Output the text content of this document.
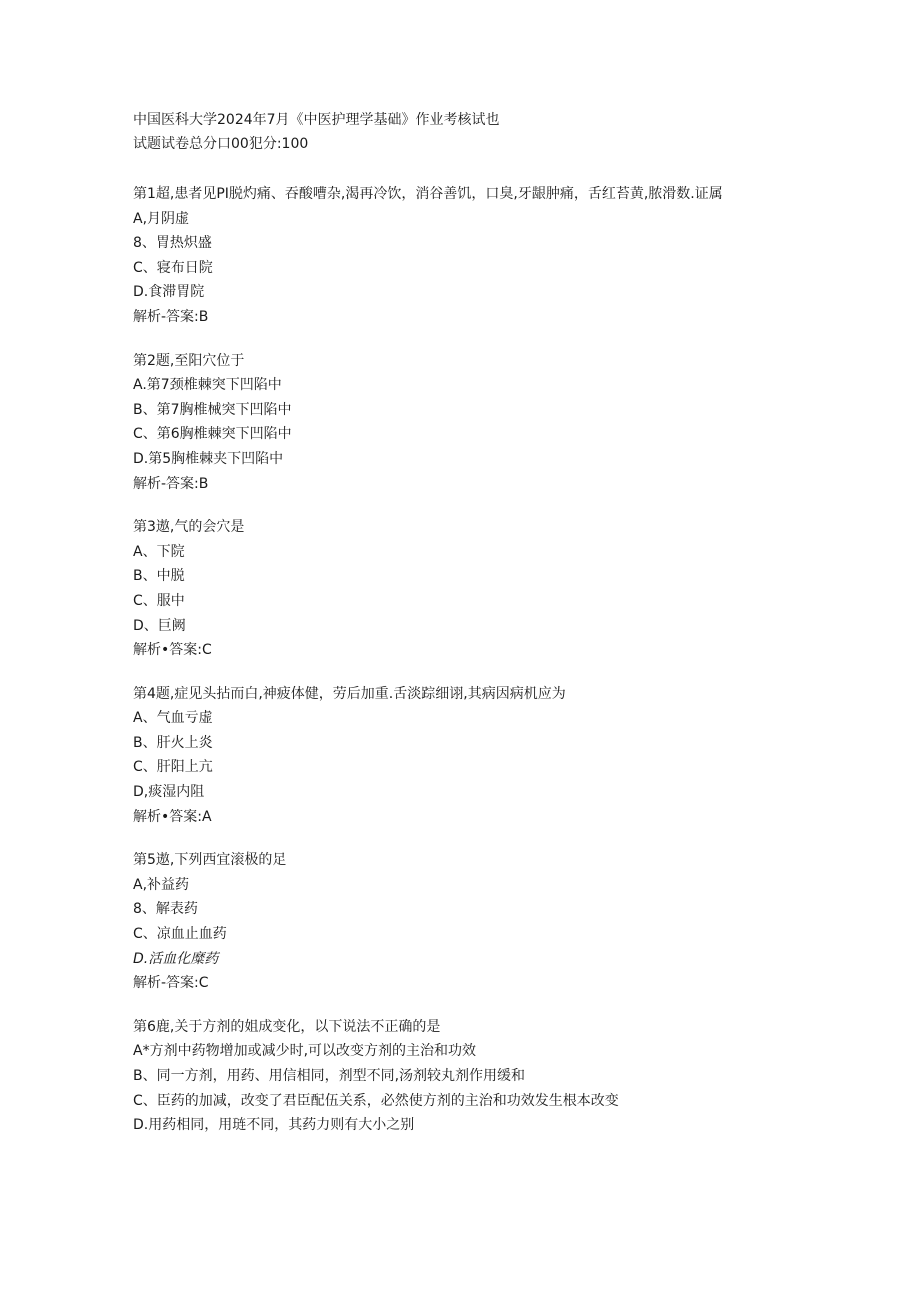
中国医科大学2024年7月《中医护理学基础》作业考核试也
试题试卷总分口00犯分:100
第1超,患者见PI脱灼痛、吞酸嘈杂,渴再冷饮，消谷善饥，口臭,牙龈肿痛，舌红苔黄,脓滑数.证属
A,月阴虚
8、胃热炽盛
C、寝布日院
D.食滞胃院
解析-答案:B
第2题,至阳穴位于
A.第7颈椎棘突下凹陷中
B、第7胸椎械突下凹陷中
C、第6胸椎棘突下凹陷中
D.第5胸椎棘夹下凹陷中
解析-答案:B
第3遨,气的会穴是
A、下院
B、中脱
C、服中
D、巨阙
解析•答案:C
第4题,症见头拈而白,神疲体健，劳后加重.舌淡踪细诩,其病因病机应为
A、气血亏虚
B、肝火上炎
C、肝阳上亢
D,痰湿内阻
解析•答案:A
第5遨,下列西宜滚极的足
A,补益药
8、解表药
C、凉血止血药
D.活血化糜药
解析-答案:C
第6鹿,关于方剂的姐成变化，以下说法不正确的是
A*方剂中药物增加或减少时,可以改变方剂的主治和功效
B、同一方剂，用药、用信相同，剂型不同,汤剂较丸剂作用缓和
C、臣药的加减，改变了君臣配伍关系，必然使方剂的主治和功效发生根本改变
D.用药相同，用琏不同，其药力则有大小之别
